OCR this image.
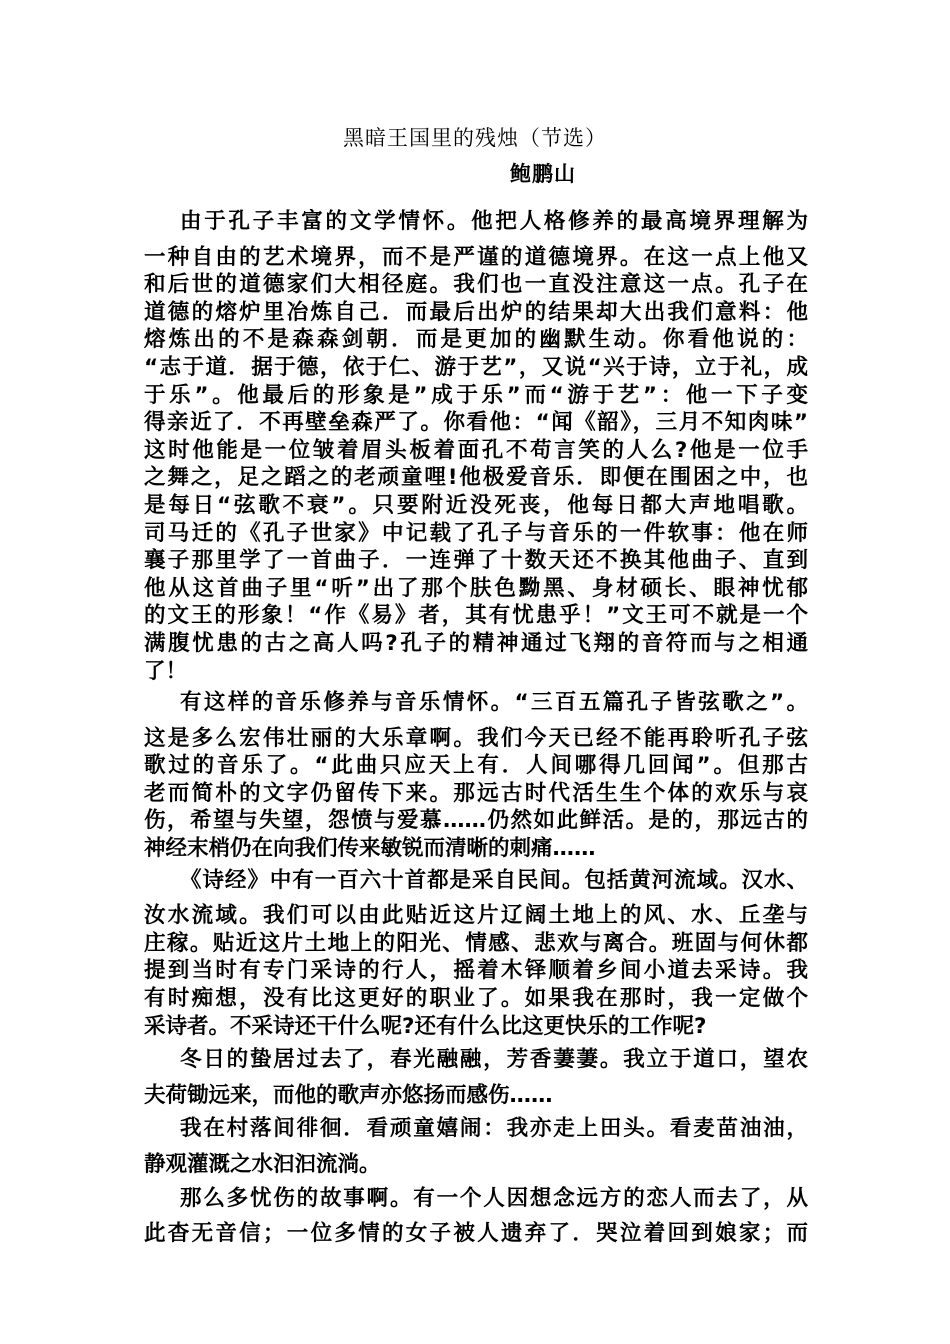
黑暗王国里的残烛（节选）
鲍鹏山

由于孔子丰富的文学情怀。他把人格修养的最高境界理解为
一种自由的艺术境界，而不是严谨的道德境界。在这一点上他又
和后世的道德家们大相径庭。我们也一直没注意这一点。孔子在
道德的熔炉里冶炼自己．而最后出炉的结果却大出我们意料：他
熔炼出的不是森森剑朝．而是更加的幽默生动。你看他说的：
“志于道．据于德，依于仁、游于艺”，又说“兴于诗，立于礼，成
于乐”。他最后的形象是”成于乐”而“游于艺”：他一下子变
得亲近了．不再壁垒森严了。你看他：“闻《韶》，三月不知肉味”
这时他能是一位皱着眉头板着面孔不苟言笑的人么?他是一位手
之舞之，足之蹈之的老顽童哩!他极爱音乐．即便在围困之中，也
是每日“弦歌不衰”。只要附近没死丧，他每日都大声地唱歌。
司马迁的《孔子世家》中记载了孔子与音乐的一件软事：他在师
襄子那里学了一首曲子．一连弹了十数天还不换其他曲子、直到
他从这首曲子里“听”出了那个肤色黝黑、身材硕长、眼神忧郁
的文王的形象！“作《易》者，其有忧患乎！”文王可不就是一个
满腹忧患的古之高人吗?孔子的精神通过飞翔的音符而与之相通
了！

有这样的音乐修养与音乐情怀。“三百五篇孔子皆弦歌之”。
这是多么宏伟壮丽的大乐章啊。我们今天已经不能再聆听孔子弦
歌过的音乐了。“此曲只应天上有．人间哪得几回闻”。但那古
老而简朴的文字仍留传下来。那远古时代活生生个体的欢乐与哀
伤，希望与失望，怨愤与爱慕……仍然如此鲜活。是的，那远古的
神经末梢仍在向我们传来敏锐而清晰的刺痛……

《诗经》中有一百六十首都是采自民间。包括黄河流域。汉水、
汝水流域。我们可以由此贴近这片辽阔土地上的风、水、丘垄与
庄稼。贴近这片土地上的阳光、情感、悲欢与离合。班固与何休都
提到当时有专门采诗的行人，摇着木铎顺着乡间小道去采诗。我
有时痴想，没有比这更好的职业了。如果我在那时，我一定做个
采诗者。不采诗还干什么呢?还有什么比这更快乐的工作呢?

冬日的蛰居过去了，春光融融，芳香萋萋。我立于道口，望农
夫荷锄远来，而他的歌声亦悠扬而感伤……

我在村落间徘徊．看顽童嬉闹：我亦走上田头。看麦苗油油，
静观灌溉之水汩汩流淌。

那么多忧伤的故事啊。有一个人因想念远方的恋人而去了，从
此杳无音信；一位多情的女子被人遗弃了．哭泣着回到娘家；而
